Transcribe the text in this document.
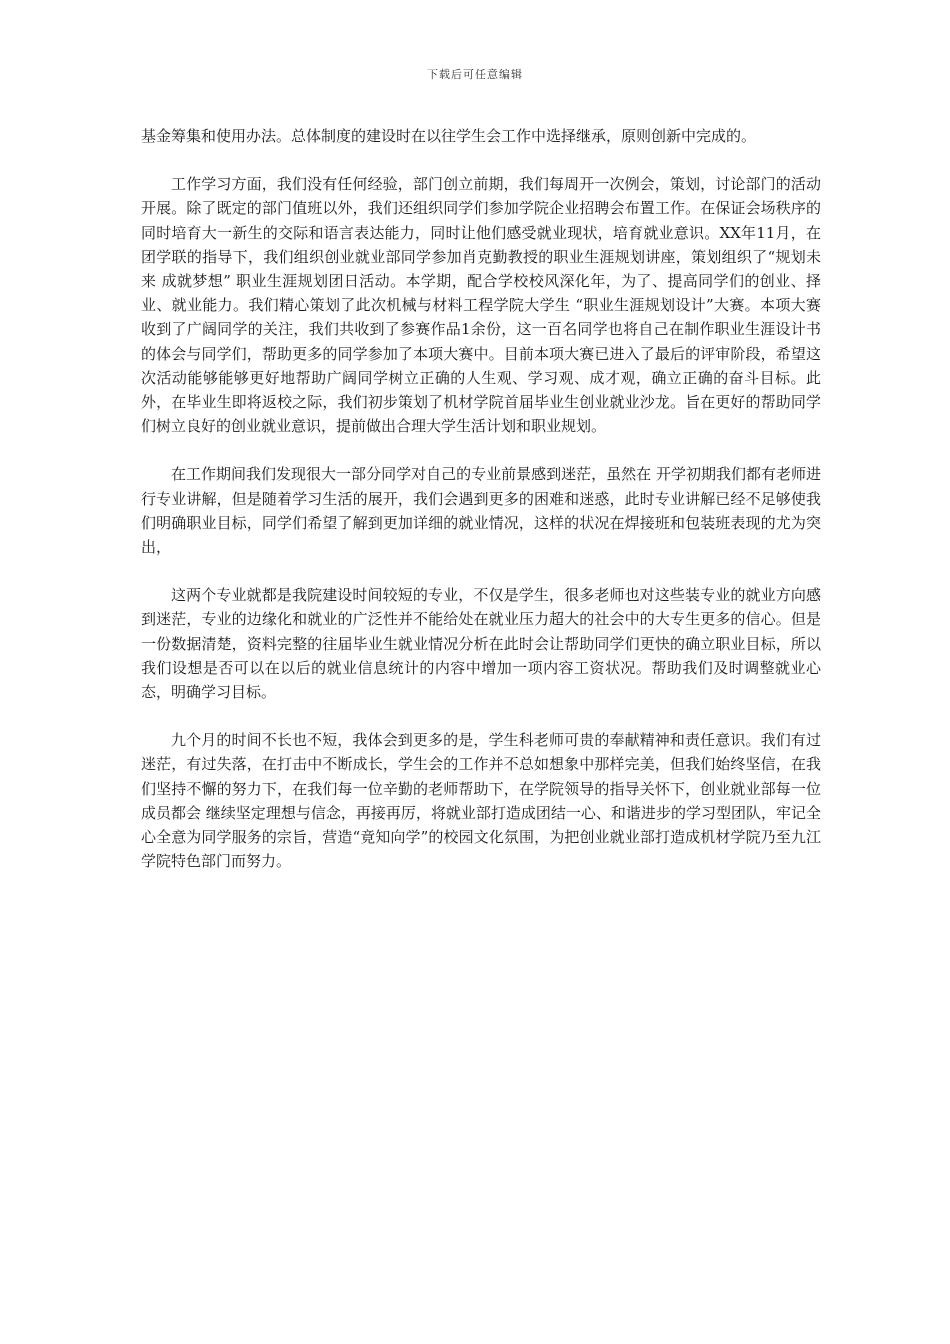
下载后可任意编辑

基金筹集和使用办法。总体制度的建设时在以往学生会工作中选择继承，原则创新中完成的。

工作学习方面，我们没有任何经验，部门创立前期，我们每周开一次例会，策划，讨论部门的活动开展。除了既定的部门值班以外，我们还组织同学们参加学院企业招聘会布置工作。在保证会场秩序的同时培育大一新生的交际和语言表达能力，同时让他们感受就业现状，培育就业意识。XX年11月，在团学联的指导下，我们组织创业就业部同学参加肖克勤教授的职业生涯规划讲座，策划组织了“规划未来 成就梦想” 职业生涯规划团日活动。本学期，配合学校校风深化年，为了、提高同学们的创业、择业、就业能力。我们精心策划了此次机械与材料工程学院大学生 “职业生涯规划设计”大赛。本项大赛收到了广阔同学的关注，我们共收到了参赛作品1余份，这一百名同学也将自己在制作职业生涯设计书的体会与同学们，帮助更多的同学参加了本项大赛中。目前本项大赛已进入了最后的评审阶段，希望这次活动能够能够更好地帮助广阔同学树立正确的人生观、学习观、成才观，确立正确的奋斗目标。此外，在毕业生即将返校之际，我们初步策划了机材学院首届毕业生创业就业沙龙。旨在更好的帮助同学们树立良好的创业就业意识，提前做出合理大学生活计划和职业规划。

在工作期间我们发现很大一部分同学对自己的专业前景感到迷茫，虽然在 开学初期我们都有老师进行专业讲解，但是随着学习生活的展开，我们会遇到更多的困难和迷惑，此时专业讲解已经不足够使我们明确职业目标，同学们希望了解到更加详细的就业情况，这样的状况在焊接班和包装班表现的尤为突出，

这两个专业就都是我院建设时间较短的专业，不仅是学生，很多老师也对这些装专业的就业方向感到迷茫，专业的边缘化和就业的广泛性并不能给处在就业压力超大的社会中的大专生更多的信心。但是一份数据清楚，资料完整的往届毕业生就业情况分析在此时会让帮助同学们更快的确立职业目标，所以我们设想是否可以在以后的就业信息统计的内容中增加一项内容工资状况。帮助我们及时调整就业心态，明确学习目标。

九个月的时间不长也不短，我体会到更多的是，学生科老师可贵的奉献精神和责任意识。我们有过迷茫，有过失落，在打击中不断成长，学生会的工作并不总如想象中那样完美，但我们始终坚信，在我们坚持不懈的努力下，在我们每一位辛勤的老师帮助下，在学院领导的指导关怀下，创业就业部每一位成员都会 继续坚定理想与信念，再接再厉，将就业部打造成团结一心、和谐进步的学习型团队，牢记全心全意为同学服务的宗旨，营造“竟知向学”的校园文化氛围，为把创业就业部打造成机材学院乃至九江学院特色部门而努力。
